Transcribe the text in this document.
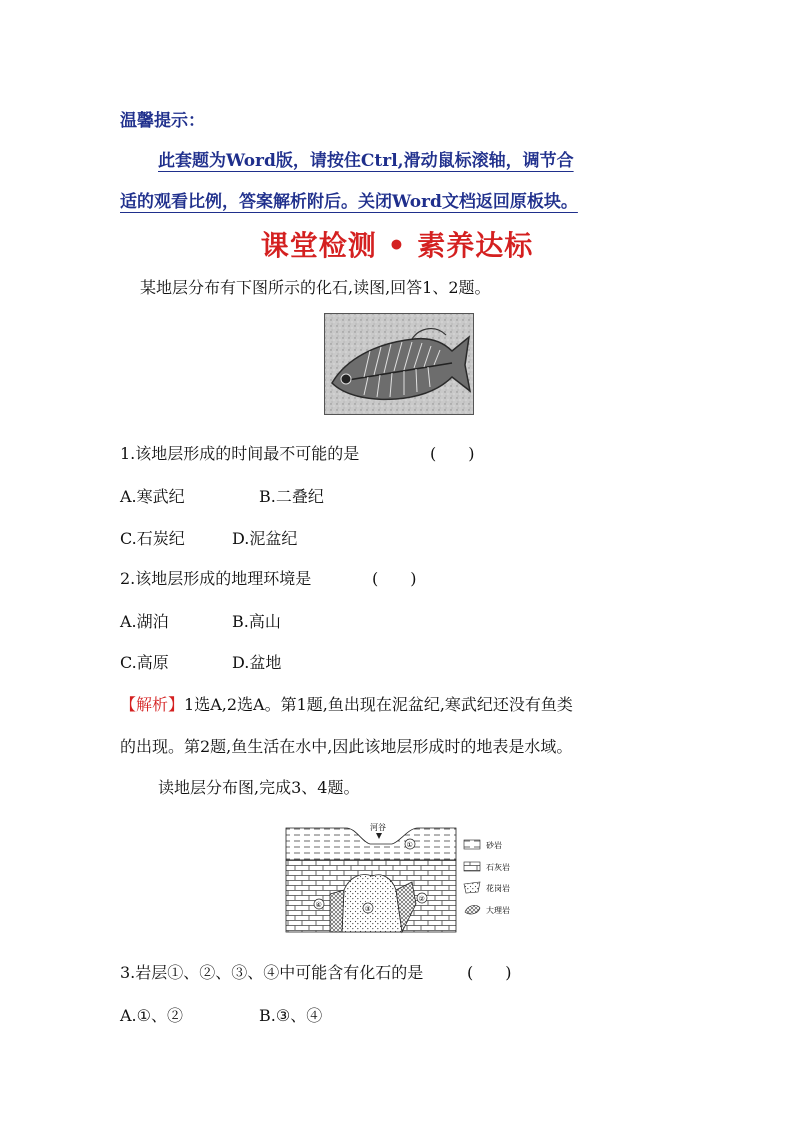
温馨提示：
此套题为Word版，请按住Ctrl,滑动鼠标滚轴，调节合
适的观看比例，答案解析附后。关闭Word文档返回原板块。
课堂检测 • 素养达标
某地层分布有下图所示的化石,读图,回答1、2题。
1.该地层形成的时间最不可能的是	(　　)
A.寒武纪	B.二叠纪
C.石炭纪	D.泥盆纪
2.该地层形成的地理环境是	(　　)
A.湖泊	B.高山
C.高原	D.盆地
【解析】1选A,2选A。第1题,鱼出现在泥盆纪,寒武纪还没有鱼类
的出现。第2题,鱼生活在水中,因此该地层形成时的地表是水域。
读地层分布图,完成3、4题。
河谷
①
②
③
④
砂岩
石灰岩
花岗岩
大理岩
3.岩层①、②、③、④中可能含有化石的是	(　　)
A.①、②	B.③、④
